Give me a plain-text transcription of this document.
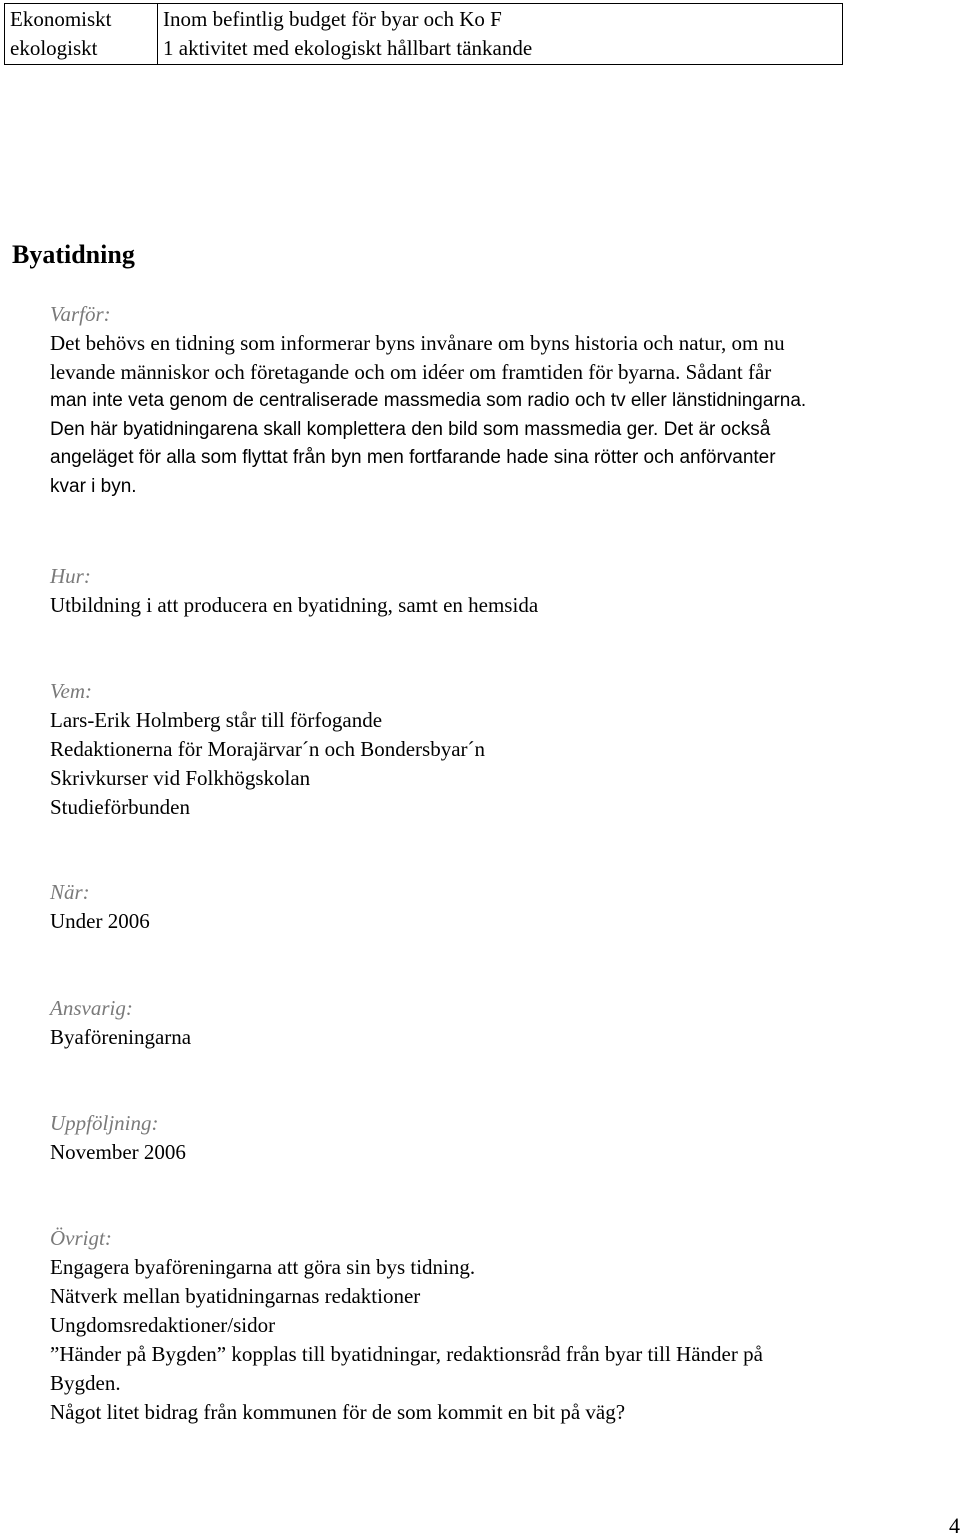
Ekonomiskt
ekologiskt

Inom befintlig budget för byar och Ko F
1 aktivitet med ekologiskt hållbart tänkande
Byatidning
Varför:
Det behövs en tidning som informerar byns invånare om byns historia och natur, om nu
levande människor och företagande och om idéer om framtiden för byarna. Sådant får
man inte veta genom de centraliserade massmedia som radio och tv eller länstidningarna.
Den här byatidningarena skall komplettera den bild som massmedia ger. Det är också
angeläget för alla som flyttat från byn men fortfarande hade sina rötter och anförvanter
kvar i byn.
Hur:
Utbildning i att producera en byatidning, samt en hemsida
Vem:
Lars-Erik Holmberg står till förfogande
Redaktionerna för Morajärvar´n och Bondersbyar´n
Skrivkurser vid Folkhögskolan
Studieförbunden
När:
Under 2006
Ansvarig:
Byaföreningarna
Uppföljning:
November 2006
Övrigt:
Engagera byaföreningarna att göra sin bys tidning.
Nätverk mellan byatidningarnas redaktioner
Ungdomsredaktioner/sidor
”Händer på Bygden” kopplas till byatidningar, redaktionsråd från byar till Händer på
Bygden.
Något litet bidrag från kommunen för de som kommit en bit på väg?
4
